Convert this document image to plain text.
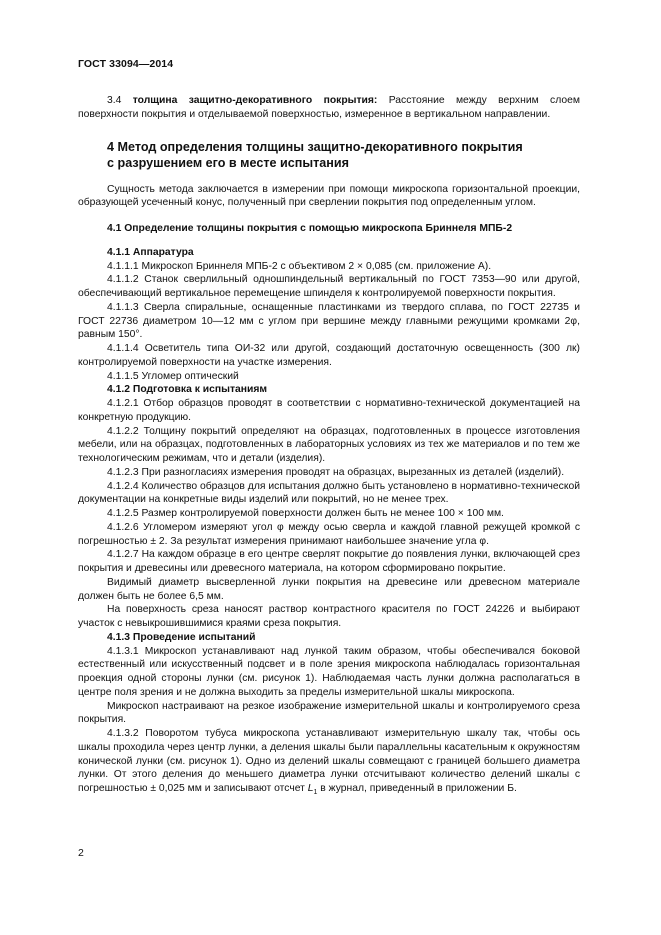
ГОСТ 33094—2014

3.4 толщина защитно-декоративного покрытия: Расстояние между верхним слоем поверхности покрытия и отделываемой поверхностью, измеренное в вертикальном направлении.

4 Метод определения толщины защитно-декоративного покрытия
с разрушением его в месте испытания

Сущность метода заключается в измерении при помощи микроскопа горизонтальной проекции, образующей усеченный конус, полученный при сверлении покрытия под определенным углом.

4.1 Определение толщины покрытия с помощью микроскопа Бриннеля МПБ-2

4.1.1 Аппаратура

4.1.1.1 Микроскоп Бриннеля МПБ-2 с объективом 2 × 0,085 (см. приложение А).

4.1.1.2 Станок сверлильный одношпиндельный вертикальный по ГОСТ 7353—90 или другой, обеспечивающий вертикальное перемещение шпинделя к контролируемой поверхности покрытия.

4.1.1.3 Сверла спиральные, оснащенные пластинками из твердого сплава, по ГОСТ 22735 и ГОСТ 22736 диаметром 10—12 мм с углом при вершине между главными режущими кромками 2φ, равным 150°.

4.1.1.4 Осветитель типа ОИ-32 или другой, создающий достаточную освещенность (300 лк) контролируемой поверхности на участке измерения.

4.1.1.5 Угломер оптический

4.1.2 Подготовка к испытаниям

4.1.2.1 Отбор образцов проводят в соответствии с нормативно-технической документацией на конкретную продукцию.

4.1.2.2 Толщину покрытий определяют на образцах, подготовленных в процессе изготовления мебели, или на образцах, подготовленных в лабораторных условиях из тех же материалов и по тем же технологическим режимам, что и детали (изделия).

4.1.2.3 При разногласиях измерения проводят на образцах, вырезанных из деталей (изделий).

4.1.2.4 Количество образцов для испытания должно быть установлено в нормативно-технической документации на конкретные виды изделий или покрытий, но не менее трех.

4.1.2.5 Размер контролируемой поверхности должен быть не менее 100 × 100 мм.

4.1.2.6 Угломером измеряют угол φ между осью сверла и каждой главной режущей кромкой с погрешностью ± 2. За результат измерения принимают наибольшее значение угла φ.

4.1.2.7 На каждом образце в его центре сверлят покрытие до появления лунки, включающей срез покрытия и древесины или древесного материала, на котором сформировано покрытие.

Видимый диаметр высверленной лунки покрытия на древесине или древесном материале должен быть не более 6,5 мм.

На поверхность среза наносят раствор контрастного красителя по ГОСТ 24226 и выбирают участок с невыкрошившимися краями среза покрытия.

4.1.3 Проведение испытаний

4.1.3.1 Микроскоп устанавливают над лункой таким образом, чтобы обеспечивался боковой естественный или искусственный подсвет и в поле зрения микроскопа наблюдалась горизонтальная проекция одной стороны лунки (см. рисунок 1). Наблюдаемая часть лунки должна располагаться в центре поля зрения и не должна выходить за пределы измерительной шкалы микроскопа.

Микроскоп настраивают на резкое изображение измерительной шкалы и контролируемого среза покрытия.

4.1.3.2 Поворотом тубуса микроскопа устанавливают измерительную шкалу так, чтобы ось шкалы проходила через центр лунки, а деления шкалы были параллельны касательным к окружностям конической лунки (см. рисунок 1). Одно из делений шкалы совмещают с границей большего диаметра лунки. От этого деления до меньшего диаметра лунки отсчитывают количество делений шкалы с погрешностью ± 0,025 мм и записывают отсчет $L_1$ в журнал, приведенный в приложении Б.

2
